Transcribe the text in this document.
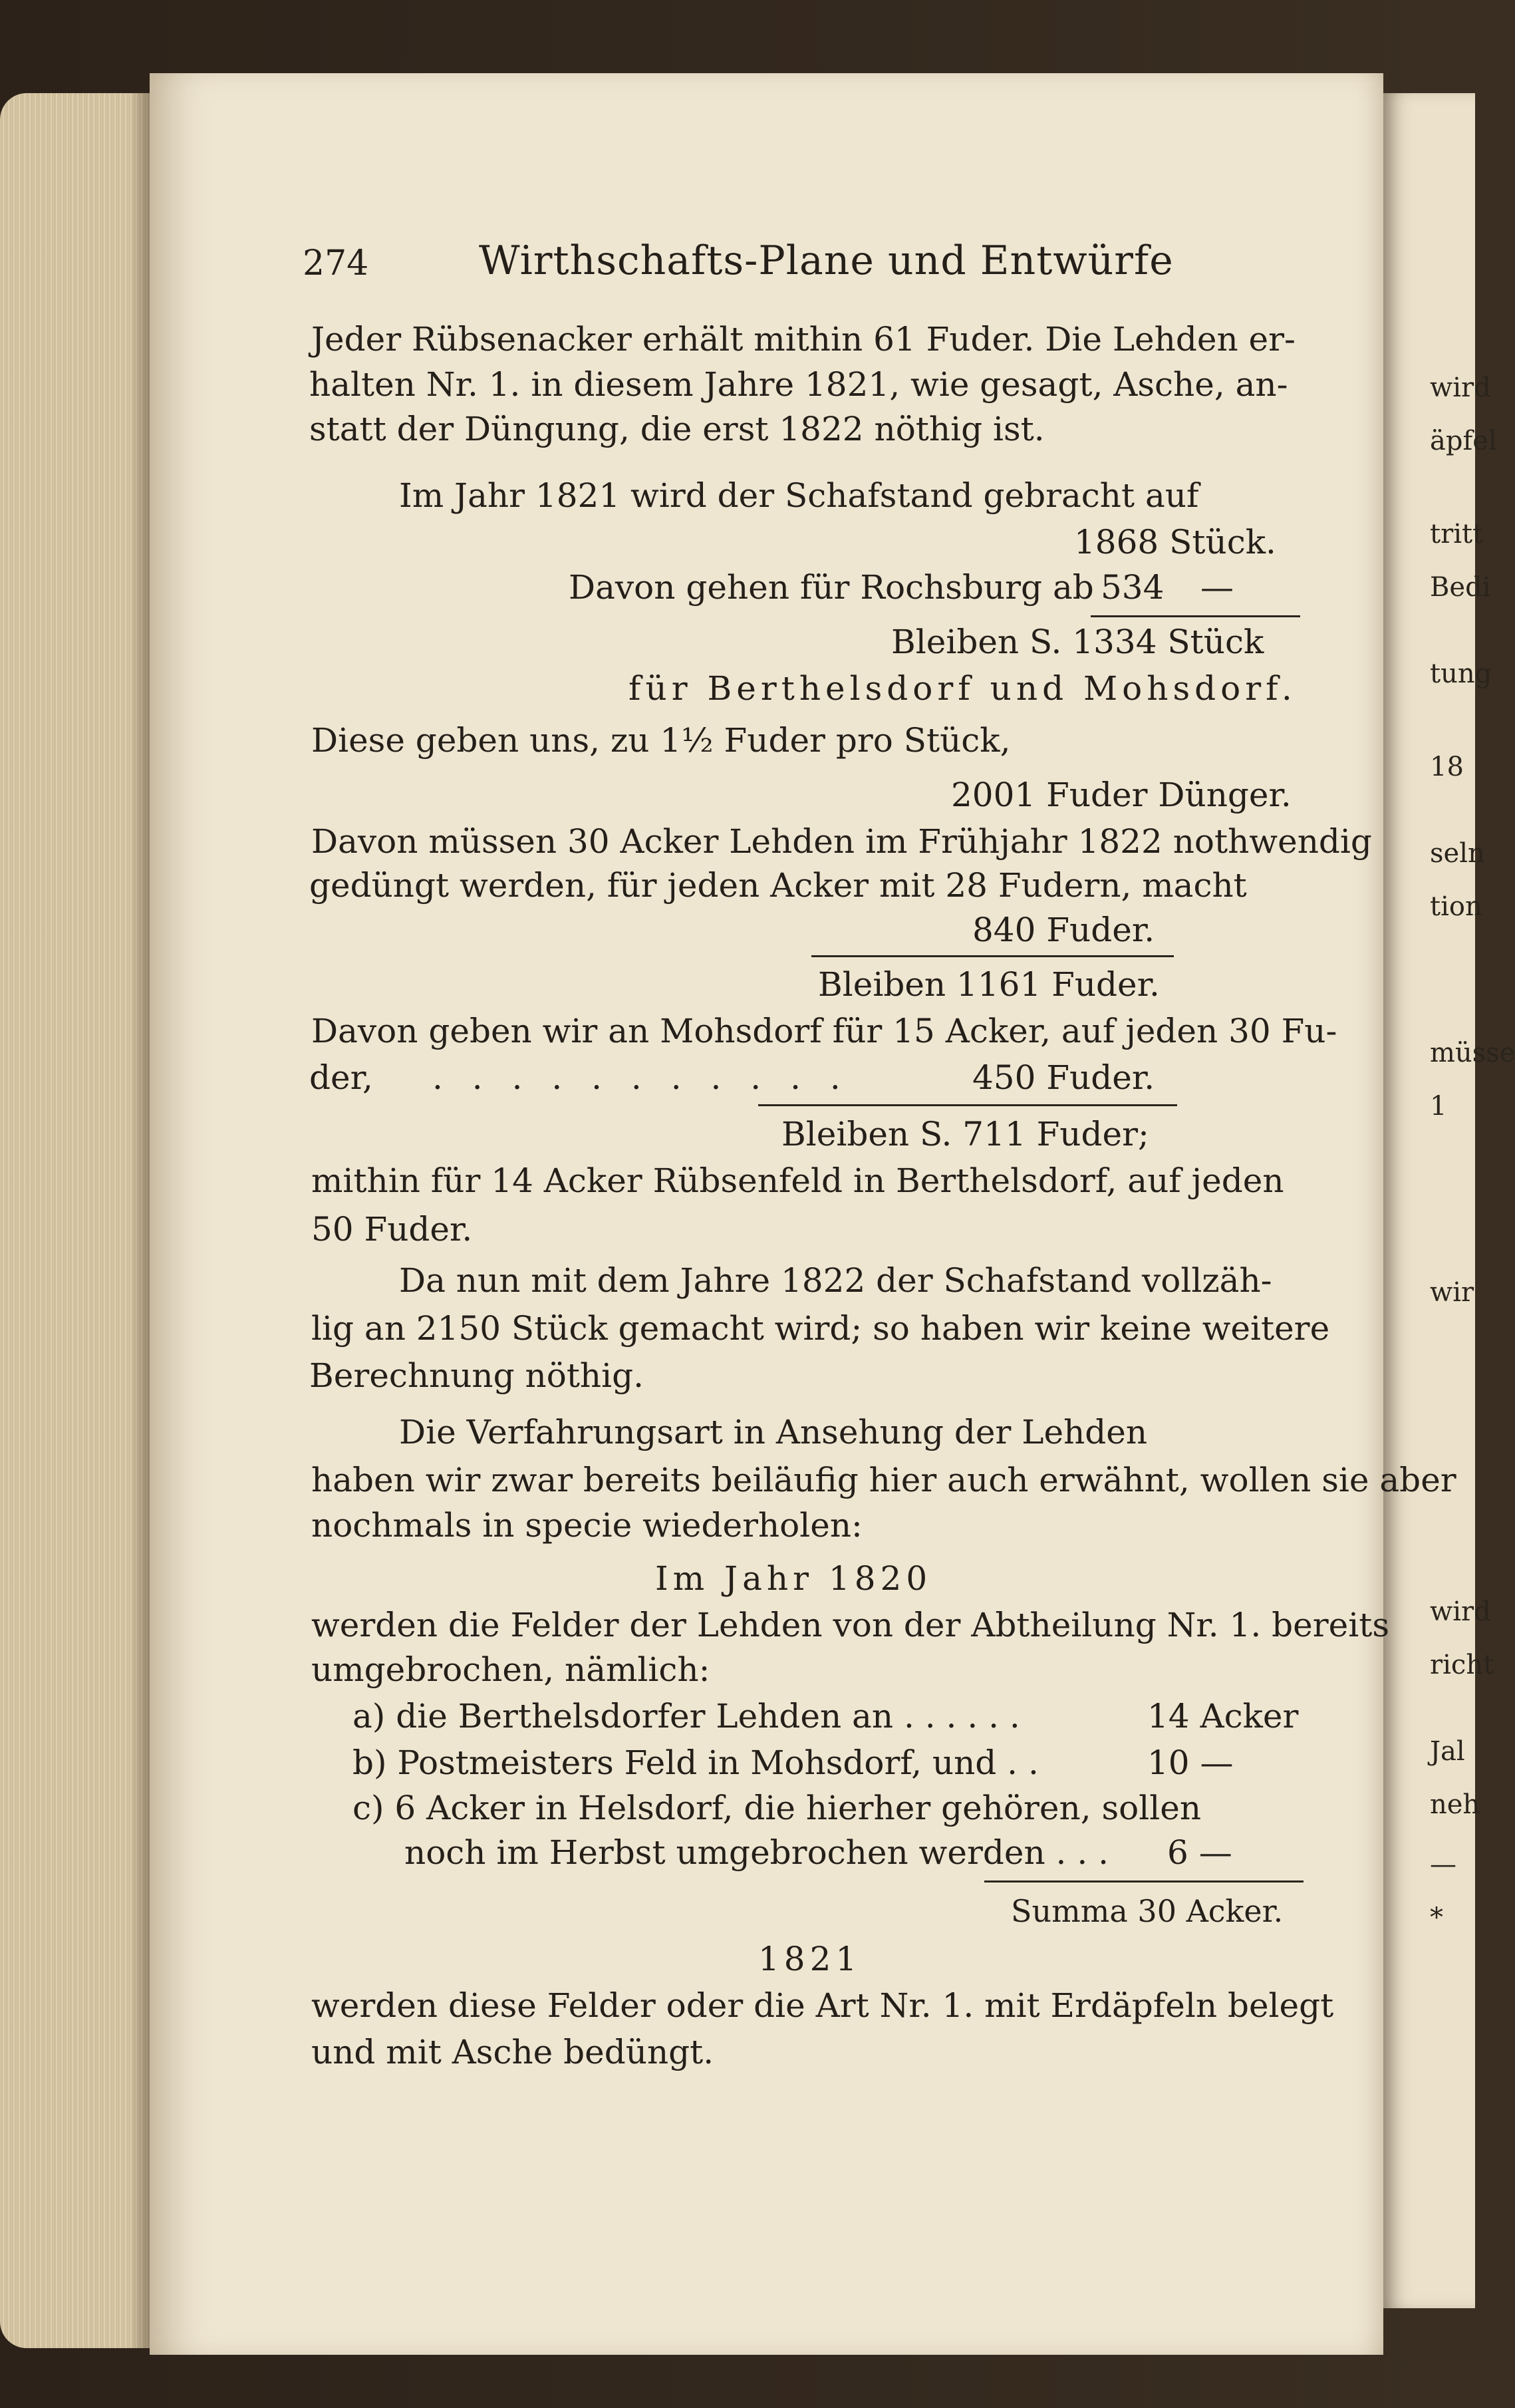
wird
äpfel
tritt
Bedi
tung
18
seln
tion
müsse
1
wir
wird
richt
Jal
neh
—
*
274	Wirthschafts-Plane und Entwürfe
Jeder Rübsenacker erhält mithin 61 Fuder. Die Lehden er-
halten Nr. 1. in diesem Jahre 1821, wie gesagt, Asche, an-
statt der Düngung, die erst 1822 nöthig ist.
Im Jahr 1821 wird der Schafstand gebracht auf
1868 Stück.
Davon gehen für Rochsburg ab 534 —
Bleiben S. 1334 Stück
für Berthelsdorf und Mohsdorf.
Diese geben uns, zu 1½ Fuder pro Stück,
2001 Fuder Dünger.
Davon müssen 30 Acker Lehden im Frühjahr 1822 nothwendig
gedüngt werden, für jeden Acker mit 28 Fudern, macht
840 Fuder.
Bleiben 1161 Fuder.
Davon geben wir an Mohsdorf für 15 Acker, auf jeden 30 Fu-
der, . . . . . . . . . . .	450 Fuder.
Bleiben S. 711 Fuder;
mithin für 14 Acker Rübsenfeld in Berthelsdorf, auf jeden
50 Fuder.
Da nun mit dem Jahre 1822 der Schafstand vollzäh-
lig an 2150 Stück gemacht wird; so haben wir keine weitere
Berechnung nöthig.
Die Verfahrungsart in Ansehung der Lehden
haben wir zwar bereits beiläufig hier auch erwähnt, wollen sie aber
nochmals in specie wiederholen:
Im Jahr 1820
werden die Felder der Lehden von der Abtheilung Nr. 1. bereits
umgebrochen, nämlich:
a) die Berthelsdorfer Lehden an . . . . . .	14 Acker
b) Postmeisters Feld in Mohsdorf, und . .	10 —
c) 6 Acker in Helsdorf, die hierher gehören, sollen
noch im Herbst umgebrochen werden . . . 6 —
Summa 30 Acker.
1821
werden diese Felder oder die Art Nr. 1. mit Erdäpfeln belegt
und mit Asche bedüngt.
